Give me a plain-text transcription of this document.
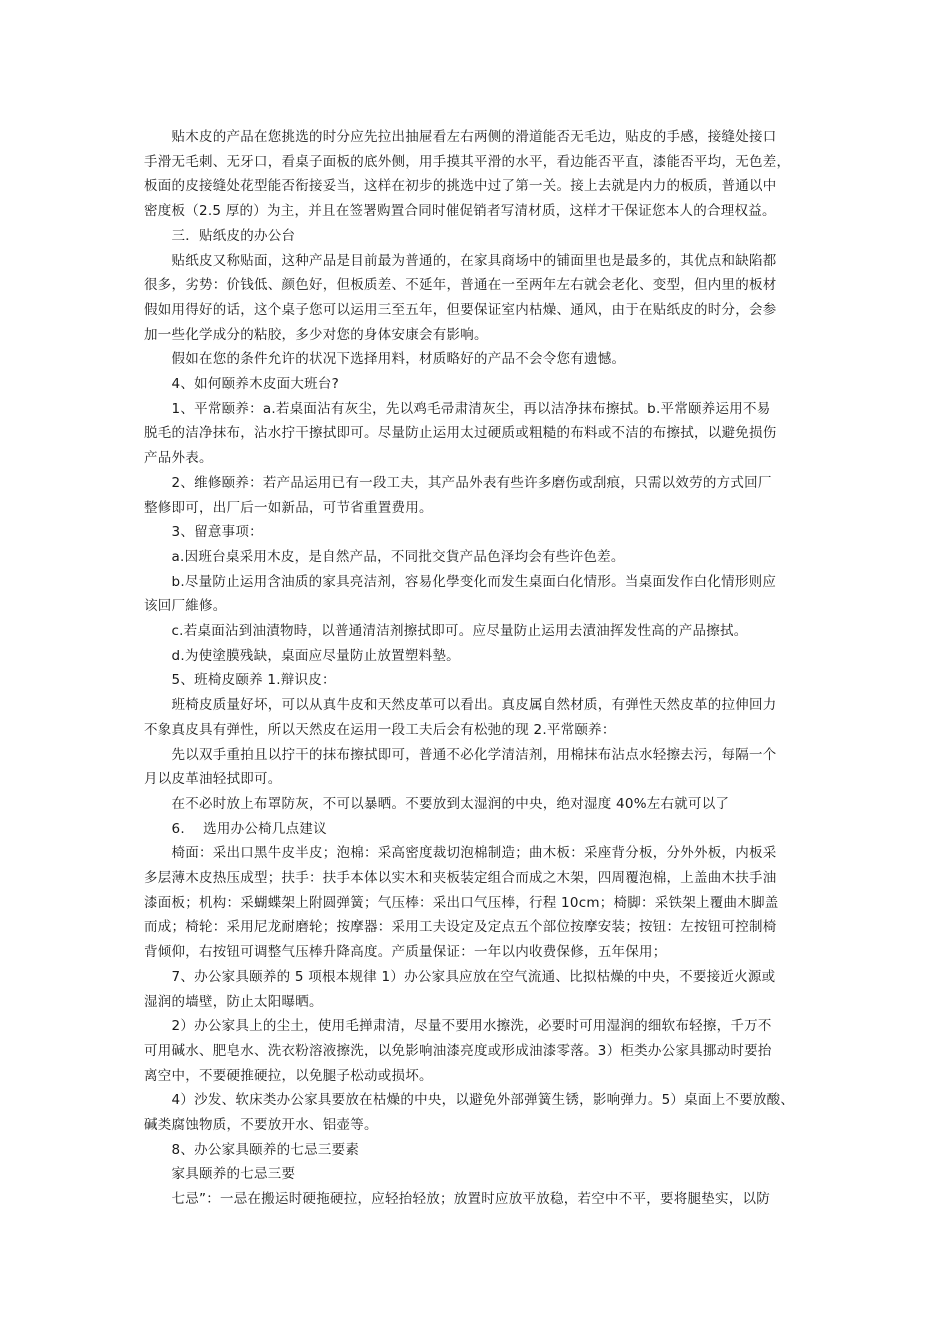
　　贴木皮的产品在您挑选的时分应先拉出抽屉看左右两侧的滑道能否无毛边，贴皮的手感，接缝处接口
手滑无毛刺、无牙口，看桌子面板的底外侧，用手摸其平滑的水平，看边能否平直，漆能否平均，无色差，
板面的皮接缝处花型能否衔接妥当，这样在初步的挑选中过了第一关。接上去就是内力的板质，普通以中
密度板（2.5 厚的）为主，并且在签署购置合同时催促销者写清材质，这样才干保证您本人的合理权益。
　　三．贴纸皮的办公台
　　贴纸皮又称贴面，这种产品是目前最为普通的，在家具商场中的铺面里也是最多的，其优点和缺陷都
很多，劣势：价钱低、颜色好，但板质差、不延年，普通在一至两年左右就会老化、变型，但内里的板材
假如用得好的话，这个桌子您可以运用三至五年，但要保证室内枯燥、通风，由于在贴纸皮的时分，会参
加一些化学成分的粘胶，多少对您的身体安康会有影响。
　　假如在您的条件允许的状况下选择用料，材质略好的产品不会令您有遗憾。
　　4、如何颐养木皮面大班台?
　　1、平常颐养：a.若桌面沾有灰尘，先以鸡毛帚肃清灰尘，再以洁净抹布擦拭。b.平常颐养运用不易
脱毛的洁净抹布，沾水拧干擦拭即可。尽量防止运用太过硬质或粗糙的布料或不洁的布擦拭，以避免损伤
产品外表。
　　2、维修颐养：若产品运用已有一段工夫，其产品外表有些许多磨伤或刮痕，只需以效劳的方式回厂
整修即可，出厂后一如新品，可节省重置费用。
　　3、留意事项：
　　a.因班台桌采用木皮，是自然产品，不同批交貨产品色泽均会有些许色差。
　　b.尽量防止运用含油质的家具亮洁剂，容易化學变化而发生桌面白化情形。当桌面发作白化情形则应
该回厂維修。
　　c.若桌面沾到油漬物時，以普通清洁剂擦拭即可。应尽量防止运用去漬油挥发性高的产品擦拭。
　　d.为使塗膜残缺，桌面应尽量防止放置塑料墊。
　　5、班椅皮颐养 1.辩识皮：
　　班椅皮质量好坏，可以从真牛皮和天然皮革可以看出。真皮属自然材质，有弹性天然皮革的拉伸回力
不象真皮具有弹性，所以天然皮在运用一段工夫后会有松弛的现 2.平常颐养：
　　先以双手重拍且以拧干的抹布擦拭即可，普通不必化学清洁剂，用棉抹布沾点水轻擦去污，每隔一个
月以皮革油轻拭即可。
　　在不必时放上布罩防灰，不可以暴晒。不要放到太湿润的中央，绝对湿度 40%左右就可以了
　　6.　 选用办公椅几点建议
　　椅面：采出口黑牛皮半皮；泡棉：采高密度裁切泡棉制造；曲木板：采座背分板，分外外板，内板采
多层薄木皮热压成型；扶手：扶手本体以实木和夹板装定组合而成之木架，四周覆泡棉，上盖曲木扶手油
漆面板；机构：采蝴蝶架上附圆弹簧；气压棒：采出口气压棒，行程 10cm；椅脚：采铁架上覆曲木脚盖
而成；椅轮：采用尼龙耐磨轮；按摩器：采用工夫设定及定点五个部位按摩安装；按钮：左按钮可控制椅
背倾仰，右按钮可调整气压棒升降高度。产质量保证：一年以内收费保修，五年保用；
　　7、办公家具颐养的 5 项根本规律 1）办公家具应放在空气流通、比拟枯燥的中央，不要接近火源或
湿润的墙壁，防止太阳曝晒。
　　2）办公家具上的尘土，使用毛掸肃清，尽量不要用水擦洗，必要时可用湿润的细软布轻擦，千万不
可用碱水、肥皂水、洗衣粉溶液擦洗，以免影响油漆亮度或形成油漆零落。3）柜类办公家具挪动时要抬
离空中，不要硬推硬拉，以免腿子松动或损坏。
　　4）沙发、软床类办公家具要放在枯燥的中央，以避免外部弹簧生锈，影响弹力。5）桌面上不要放酸、
碱类腐蚀物质，不要放开水、铝壶等。
　　8、办公家具颐养的七忌三要素
　　家具颐养的七忌三要
　　七忌”：一忌在搬运时硬拖硬拉，应轻抬轻放；放置时应放平放稳，若空中不平，要将腿垫实，以防
